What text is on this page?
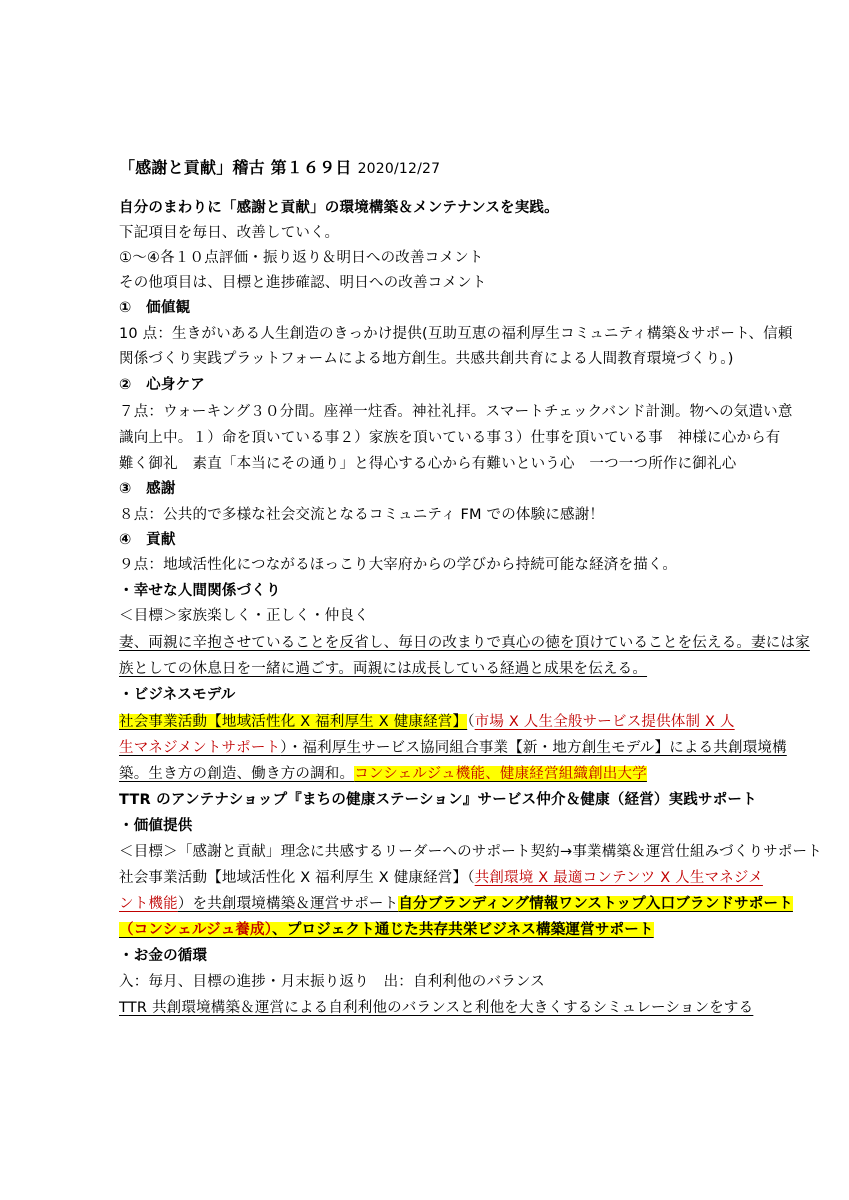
「感謝と貢献」稽古 第１６９日 2020/12/27
自分のまわりに「感謝と貢献」の環境構築＆メンテナンスを実践。
下記項目を毎日、改善していく。
①～④各１０点評価・振り返り＆明日への改善コメント
その他項目は、目標と進捗確認、明日への改善コメント
①　価値観
10 点：生きがいある人生創造のきっかけ提供(互助互恵の福利厚生コミュニティ構築＆サポート、信頼
関係づくり実践プラットフォームによる地方創生。共感共創共育による人間教育環境づくり。)
②　心身ケア
７点：ウォーキング３０分間。座禅一炷香。神社礼拝。スマートチェックバンド計測。物への気遣い意
識向上中。１）命を頂いている事２）家族を頂いている事３）仕事を頂いている事　神様に心から有
難く御礼　素直「本当にその通り」と得心する心から有難いという心　一つ一つ所作に御礼心
③　感謝
８点：公共的で多様な社会交流となるコミュニティ FM での体験に感謝！
④　貢献
９点：地域活性化につながるほっこり大宰府からの学びから持続可能な経済を描く。
・幸せな人間関係づくり
＜目標＞家族楽しく・正しく・仲良く
妻、両親に辛抱させていることを反省し、毎日の改まりで真心の徳を頂けていることを伝える。妻には家
族としての休息日を一緒に過ごす。両親には成長している経過と成果を伝える。
・ビジネスモデル
社会事業活動【地域活性化 X 福利厚生 X 健康経営】（市場 X 人生全般サービス提供体制 X 人
生マネジメントサポート）・福利厚生サービス協同組合事業【新・地方創生モデル】による共創環境構
築。生き方の創造、働き方の調和。コンシェルジュ機能、健康経営組織創出大学
TTR のアンテナショップ『まちの健康ステーション』サービス仲介＆健康（経営）実践サポート
・価値提供
＜目標＞「感謝と貢献」理念に共感するリーダーへのサポート契約→事業構築＆運営仕組みづくりサポート
社会事業活動【地域活性化 X 福利厚生 X 健康経営】（共創環境 X 最適コンテンツ X 人生マネジメ
ント機能）を共創環境構築＆運営サポート自分ブランディング情報ワンストップ入口ブランドサポート
（コンシェルジュ養成）、プロジェクト通じた共存共栄ビジネス構築運営サポート
・お金の循環
入：毎月、目標の進捗・月末振り返り　出：自利利他のバランス
TTR 共創環境構築＆運営による自利利他のバランスと利他を大きくするシミュレーションをする
